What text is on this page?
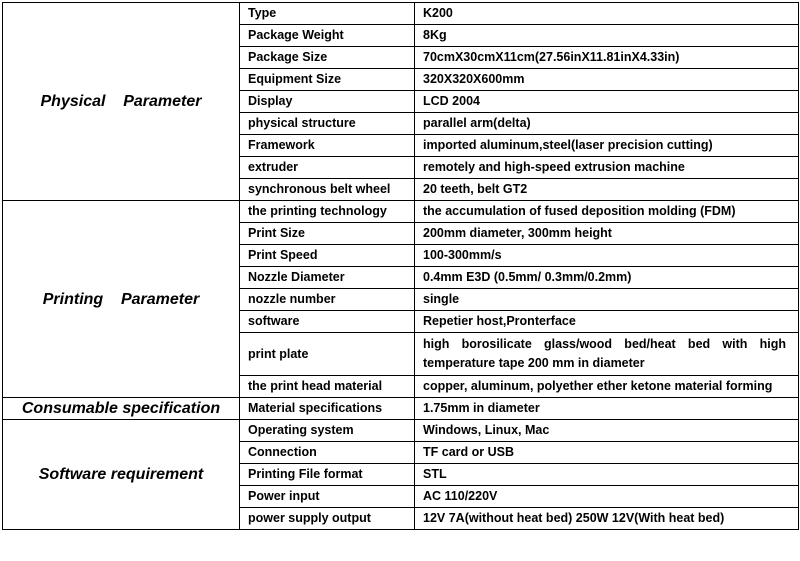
Physical    Parameter	Type	K200
	Package Weight	8Kg
	Package Size	70cmX30cmX11cm(27.56inX11.81inX4.33in)
	Equipment Size	320X320X600mm
	Display	LCD 2004
	physical structure	parallel arm(delta)
	Framework	imported aluminum,steel(laser precision cutting)
	extruder	remotely and high-speed extrusion machine
	synchronous belt wheel	20 teeth, belt GT2
Printing    Parameter	the printing technology	the accumulation of fused deposition molding (FDM)
	Print Size	200mm diameter, 300mm height
	Print Speed	100-300mm/s
	Nozzle Diameter	0.4mm E3D (0.5mm/ 0.3mm/0.2mm)
	nozzle number	single
	software	Repetier host,Pronterface
	print plate	high borosilicate glass/wood bed/heat bed with high temperature tape 200 mm in diameter
	the print head material	copper, aluminum, polyether ether ketone material forming
Consumable specification	Material specifications	1.75mm in diameter
Software requirement	Operating system	Windows, Linux, Mac
	Connection	TF card or USB
	Printing File format	STL
	Power input	AC 110/220V
	power supply output	12V 7A(without heat bed) 250W 12V(With heat bed)
